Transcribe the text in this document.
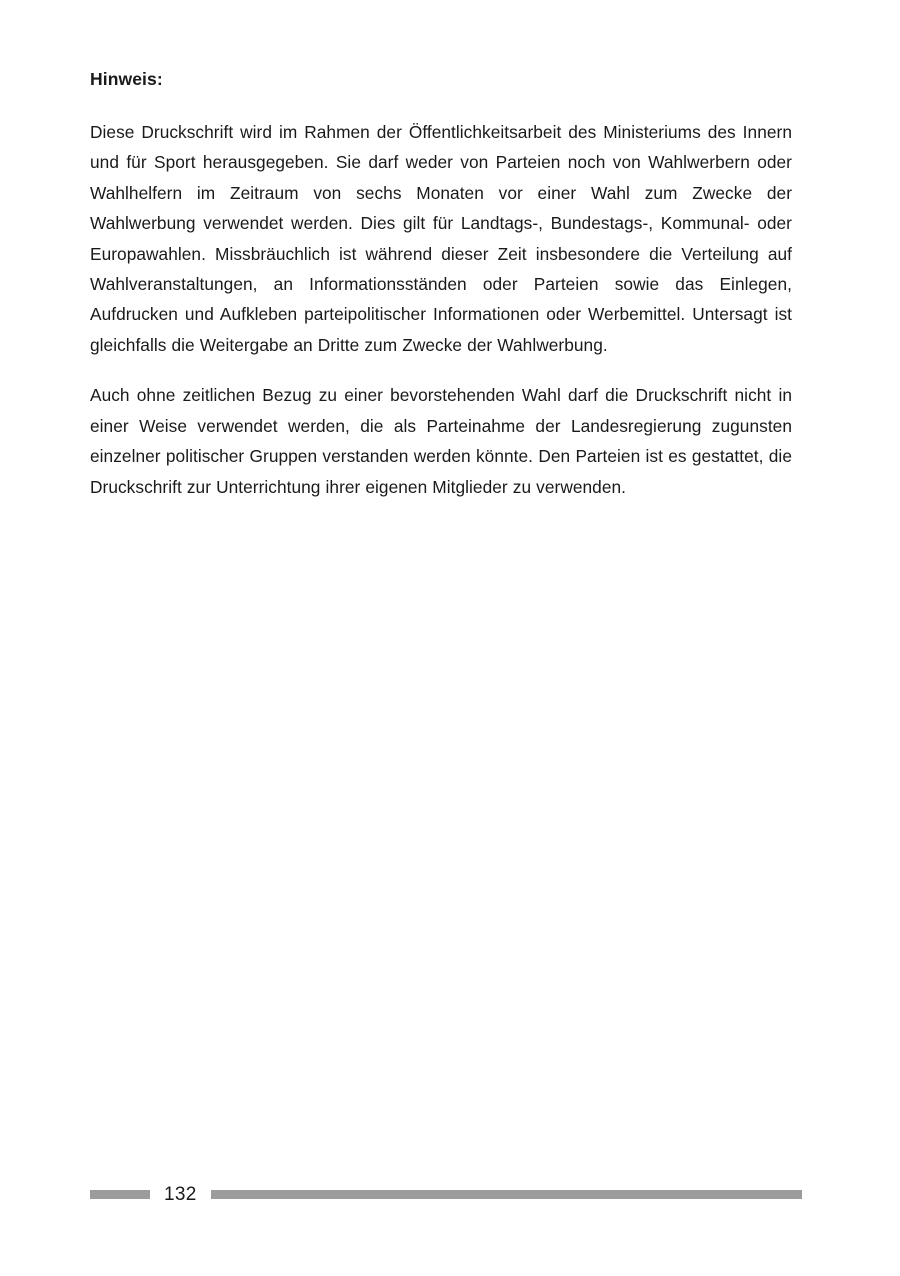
Hinweis:

Diese Druckschrift wird im Rahmen der Öffentlichkeitsarbeit des Ministeriums des Innern und für Sport herausgegeben. Sie darf weder von Parteien noch von Wahlwerbern oder Wahlhelfern im Zeitraum von sechs Monaten vor einer Wahl zum Zwecke der Wahlwerbung verwendet werden. Dies gilt für Landtags-, Bundestags-, Kommunal- oder Europawahlen. Missbräuchlich ist während dieser Zeit insbesondere die Verteilung auf Wahlveranstaltungen, an Informationsständen oder Parteien sowie das Einlegen, Aufdrucken und Aufkleben parteipolitischer Informationen oder Werbemittel. Untersagt ist gleichfalls die Weitergabe an Dritte zum Zwecke der Wahlwerbung.

Auch ohne zeitlichen Bezug zu einer bevorstehenden Wahl darf die Druckschrift nicht in einer Weise verwendet werden, die als Parteinahme der Landesregierung zugunsten einzelner politischer Gruppen verstanden werden könnte. Den Parteien ist es gestattet, die Druckschrift zur Unterrichtung ihrer eigenen Mitglieder zu verwenden.

132
